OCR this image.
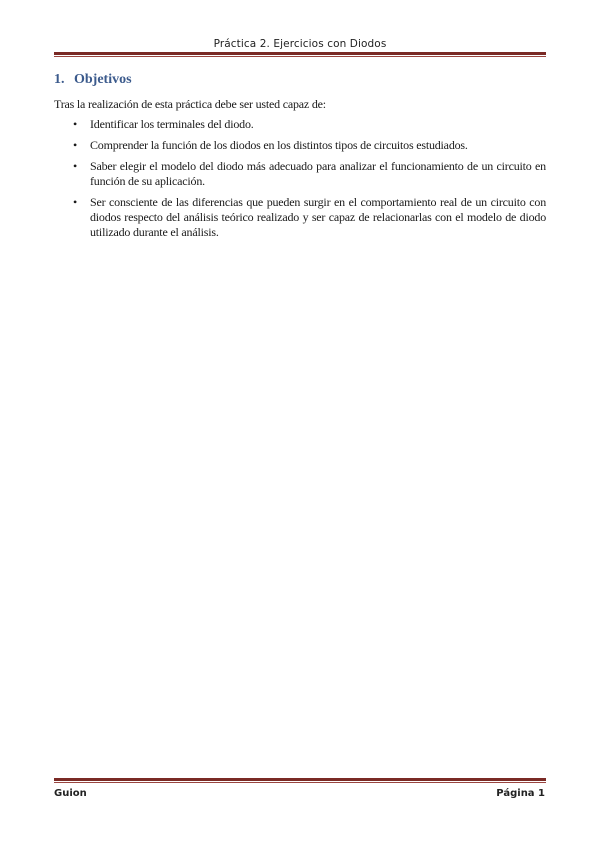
Práctica 2. Ejercicios con Diodos
1. Objetivos
Tras la realización de esta práctica debe ser usted capaz de:
• Identificar los terminales del diodo.
• Comprender la función de los diodos en los distintos tipos de circuitos estudiados.
• Saber elegir el modelo del diodo más adecuado para analizar el funcionamiento de un circuito en función de su aplicación.
• Ser consciente de las diferencias que pueden surgir en el comportamiento real de un circuito con diodos respecto del análisis teórico realizado y ser capaz de relacionarlas con el modelo de diodo utilizado durante el análisis.
Guion	Página 1
